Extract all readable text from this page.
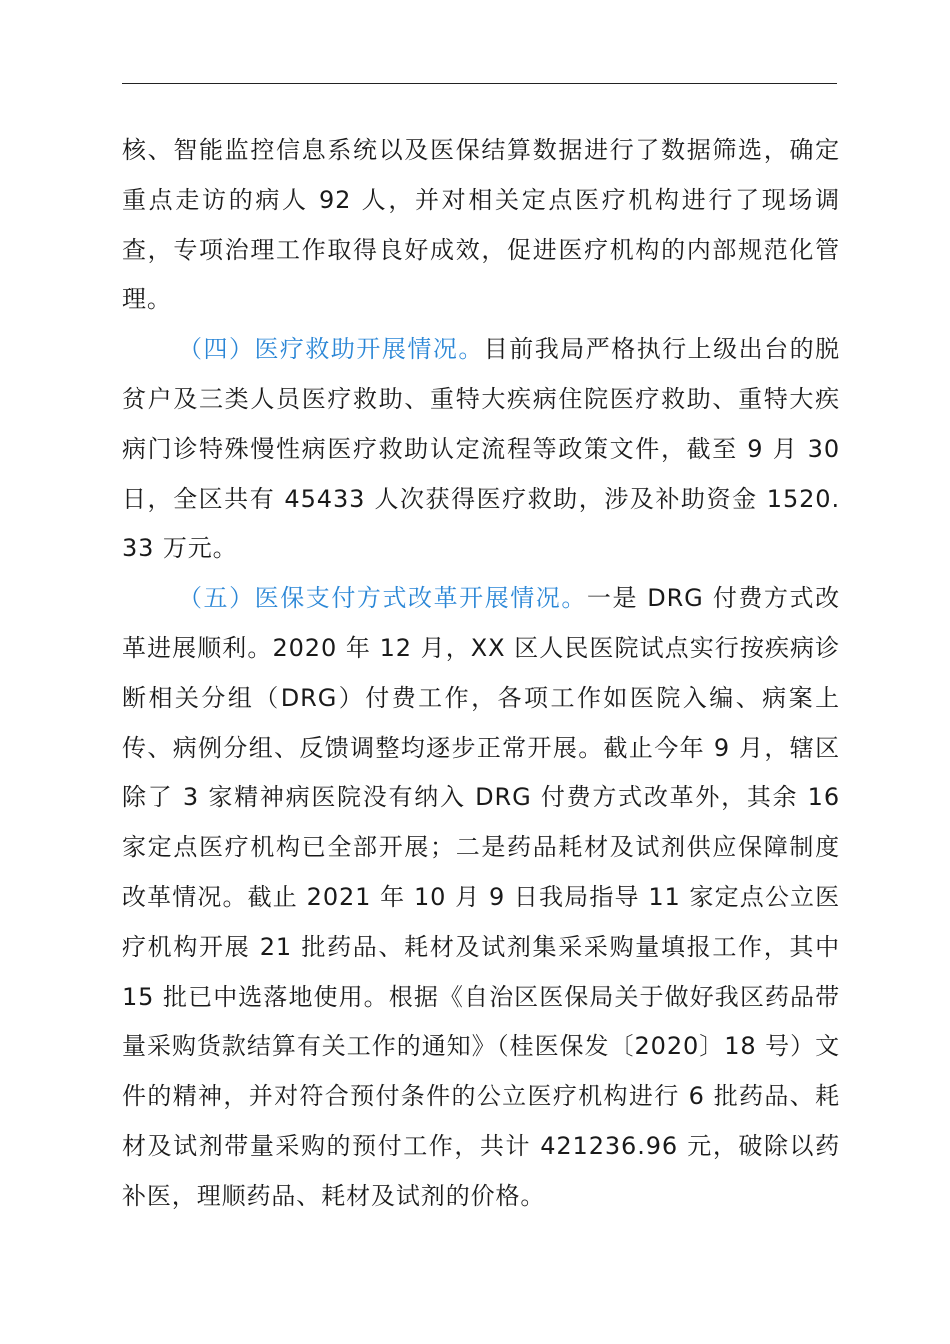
核、智能监控信息系统以及医保结算数据进行了数据筛选，确定重点走访的病人 92 人，并对相关定点医疗机构进行了现场调查，专项治理工作取得良好成效，促进医疗机构的内部规范化管理。

（四）医疗救助开展情况。目前我局严格执行上级出台的脱贫户及三类人员医疗救助、重特大疾病住院医疗救助、重特大疾病门诊特殊慢性病医疗救助认定流程等政策文件，截至 9 月 30 日，全区共有 45433 人次获得医疗救助，涉及补助资金 1520.33 万元。

（五）医保支付方式改革开展情况。一是 DRG 付费方式改革进展顺利。2020 年 12 月，XX 区人民医院试点实行按疾病诊断相关分组（DRG）付费工作，各项工作如医院入编、病案上传、病例分组、反馈调整均逐步正常开展。截止今年 9 月，辖区除了 3 家精神病医院没有纳入 DRG 付费方式改革外，其余 16 家定点医疗机构已全部开展；二是药品耗材及试剂供应保障制度改革情况。截止 2021 年 10 月 9 日我局指导 11 家定点公立医疗机构开展 21 批药品、耗材及试剂集采采购量填报工作，其中 15 批已中选落地使用。根据《自治区医保局关于做好我区药品带量采购货款结算有关工作的通知》（桂医保发〔2020〕18 号）文件的精神，并对符合预付条件的公立医疗机构进行 6 批药品、耗材及试剂带量采购的预付工作，共计 421236.96 元，破除以药补医，理顺药品、耗材及试剂的价格。
